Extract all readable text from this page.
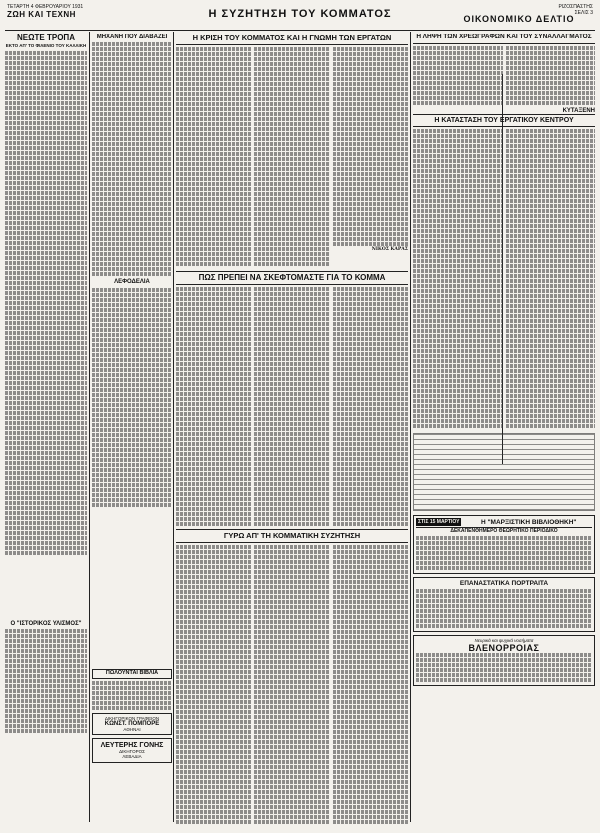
ΤΕΤΑΡΤΗ 4 ΦΕΒΡΟΥΑΡΙΟΥ 1931
ΖΩΗ ΚΑΙ ΤΕΧΝΗ
ΡΙΖΟΣΠΑΣΤΗΣ
ΣΕΛΙΣ 3
Η ΣΥΖΗΤΗΣΗ ΤΟΥ ΚΟΜΜΑΤΟΣ	ΟΙΚΟΝΟΜΙΚΟ ΔΕΛΤΙΟ
ΝΕΩΤΕ ΤΡΟΠΑ
ΕΚΤΟ ΑΠ' ΤΟ ΦΙΛΕΝΙΟ ΤΟΥ ΚΑΛΛΙΚΗ
Ο "ΙΣΤΟΡΙΚΟΣ ΥΛΙΣΜΟΣ"
ΜΗΧΑΝΗ ΠΟΥ ΔΙΑΒΑΖΕΙ
ΛΕΦΟΔΕΛΙΑ
ΠΩΛΟΥΝΤΑΙ ΒΙΒΛΙΑ
ΔΙΚΗΓΟΡΙΚΟΝ ΓΡΑΦΕΙΟΝ
ΚΩΝΣΤ. ΠΟΜΠΟΡΕ
ΑΘΗΝΑΙ
ΛΕΥΤΕΡΗΣ ΓΟΝΗΣ
ΔΙΚΗΓΟΡΟΣ
ΛΕΒΑΔΙΑ
Η ΚΡΙΣΗ ΤΟΥ ΚΟΜΜΑΤΟΣ ΚΑΙ Η ΓΝΩΜΗ ΤΩΝ ΕΡΓΑΤΩΝ
ΝΙΚΟΣ ΚΑΡΑΣ
ΠΩΣ ΠΡΕΠΕΙ ΝΑ ΣΚΕΦΤΟΜΑΣΤΕ ΓΙΑ ΤΟ ΚΟΜΜΑ
ΓΥΡΩ ΑΠ' ΤΗ ΚΟΜΜΑΤΙΚΗ ΣΥΖΗΤΗΣΗ
Η ΛΗΨΗ ΤΩΝ ΧΡΕΩΓΡΑΦΩΝ ΚΑΙ ΤΟΥ ΣΥΝΑΛΛΑΓΜΑΤΟΣ
ΚΥΤΑΞΕΝΗ
Η ΚΑΤΑΣΤΑΣΗ ΤΟΥ ΕΡΓΑΤΙΚΟΥ ΚΕΝΤΡΟΥ
ΣΤΙΣ 15 ΜΑΡΤΙΟΥ	Η "ΜΑΡΞΙΣΤΙΚΗ ΒΙΒΛΙΟΘΗΚΗ"
ΔΕΚΑΠΕΝΘΗΜΕΡΟ ΘΕΩΡΗΤΙΚΟ ΠΕΡΙΟΔΙΚΟ
ΕΠΑΝΑΣΤΑΤΙΚΑ ΠΟΡΤΡΑΙΤΑ
Νευρικά και ψυχικά νοσήματα
ΒΛΕΝΟΡΡΟΙΑΣ
